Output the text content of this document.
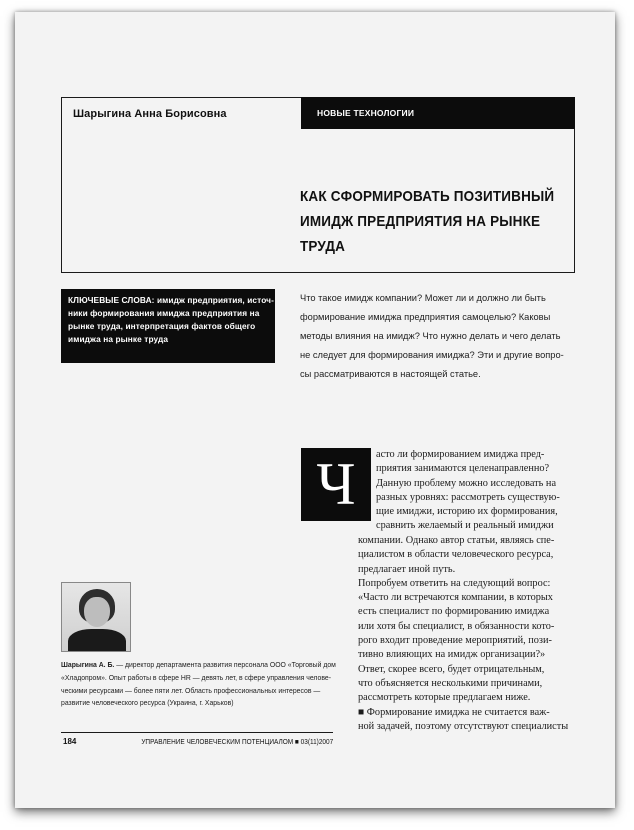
Шарыгина Анна Борисовна	НОВЫЕ ТЕХНОЛОГИИ
КАК СФОРМИРОВАТЬ ПОЗИТИВНЫЙ
ИМИДЖ ПРЕДПРИЯТИЯ НА РЫНКЕ
ТРУДА
КЛЮЧЕВЫЕ СЛОВА: имидж предприятия, источ-
ники формирования имиджа предприятия на
рынке труда, интерпретация фактов общего
имиджа на рынке труда
Что такое имидж компании? Может ли и должно ли быть
формирование имиджа предприятия самоцелью? Каковы
методы влияния на имидж? Что нужно делать и чего делать
не следует для формирования имиджа? Эти и другие вопро-
сы рассматриваются в настоящей статье.
Ч	асто ли формированием имиджа пред-
приятия занимаются целенаправленно?
Данную проблему можно исследовать на
разных уровнях: рассмотреть существую-
щие имиджи, историю их формирования,
сравнить желаемый и реальный имиджи
компании. Однако автор статьи, являясь спе-
циалистом в области человеческого ресурса,
предлагает иной путь.
Попробуем ответить на следующий вопрос:
«Часто ли встречаются компании, в которых
есть специалист по формированию имиджа
или хотя бы специалист, в обязанности кото-
рого входит проведение мероприятий, пози-
тивно влияющих на имидж организации?»
Ответ, скорее всего, будет отрицательным,
что объясняется несколькими причинами,
рассмотреть которые предлагаем ниже.
■ Формирование имиджа не считается важ-
ной задачей, поэтому отсутствуют специалисты
Шарыгина А. Б. — директор департамента развития персонала ООО «Торговый дом
«Хладопром». Опыт работы в сфере HR — девять лет, в сфере управления челове-
ческими ресурсами — более пяти лет. Область профессиональных интересов —
развитие человеческого ресурса (Украина, г. Харьков)
184	УПРАВЛЕНИЕ ЧЕЛОВЕЧЕСКИМ ПОТЕНЦИАЛОМ ■ 03(11)2007
